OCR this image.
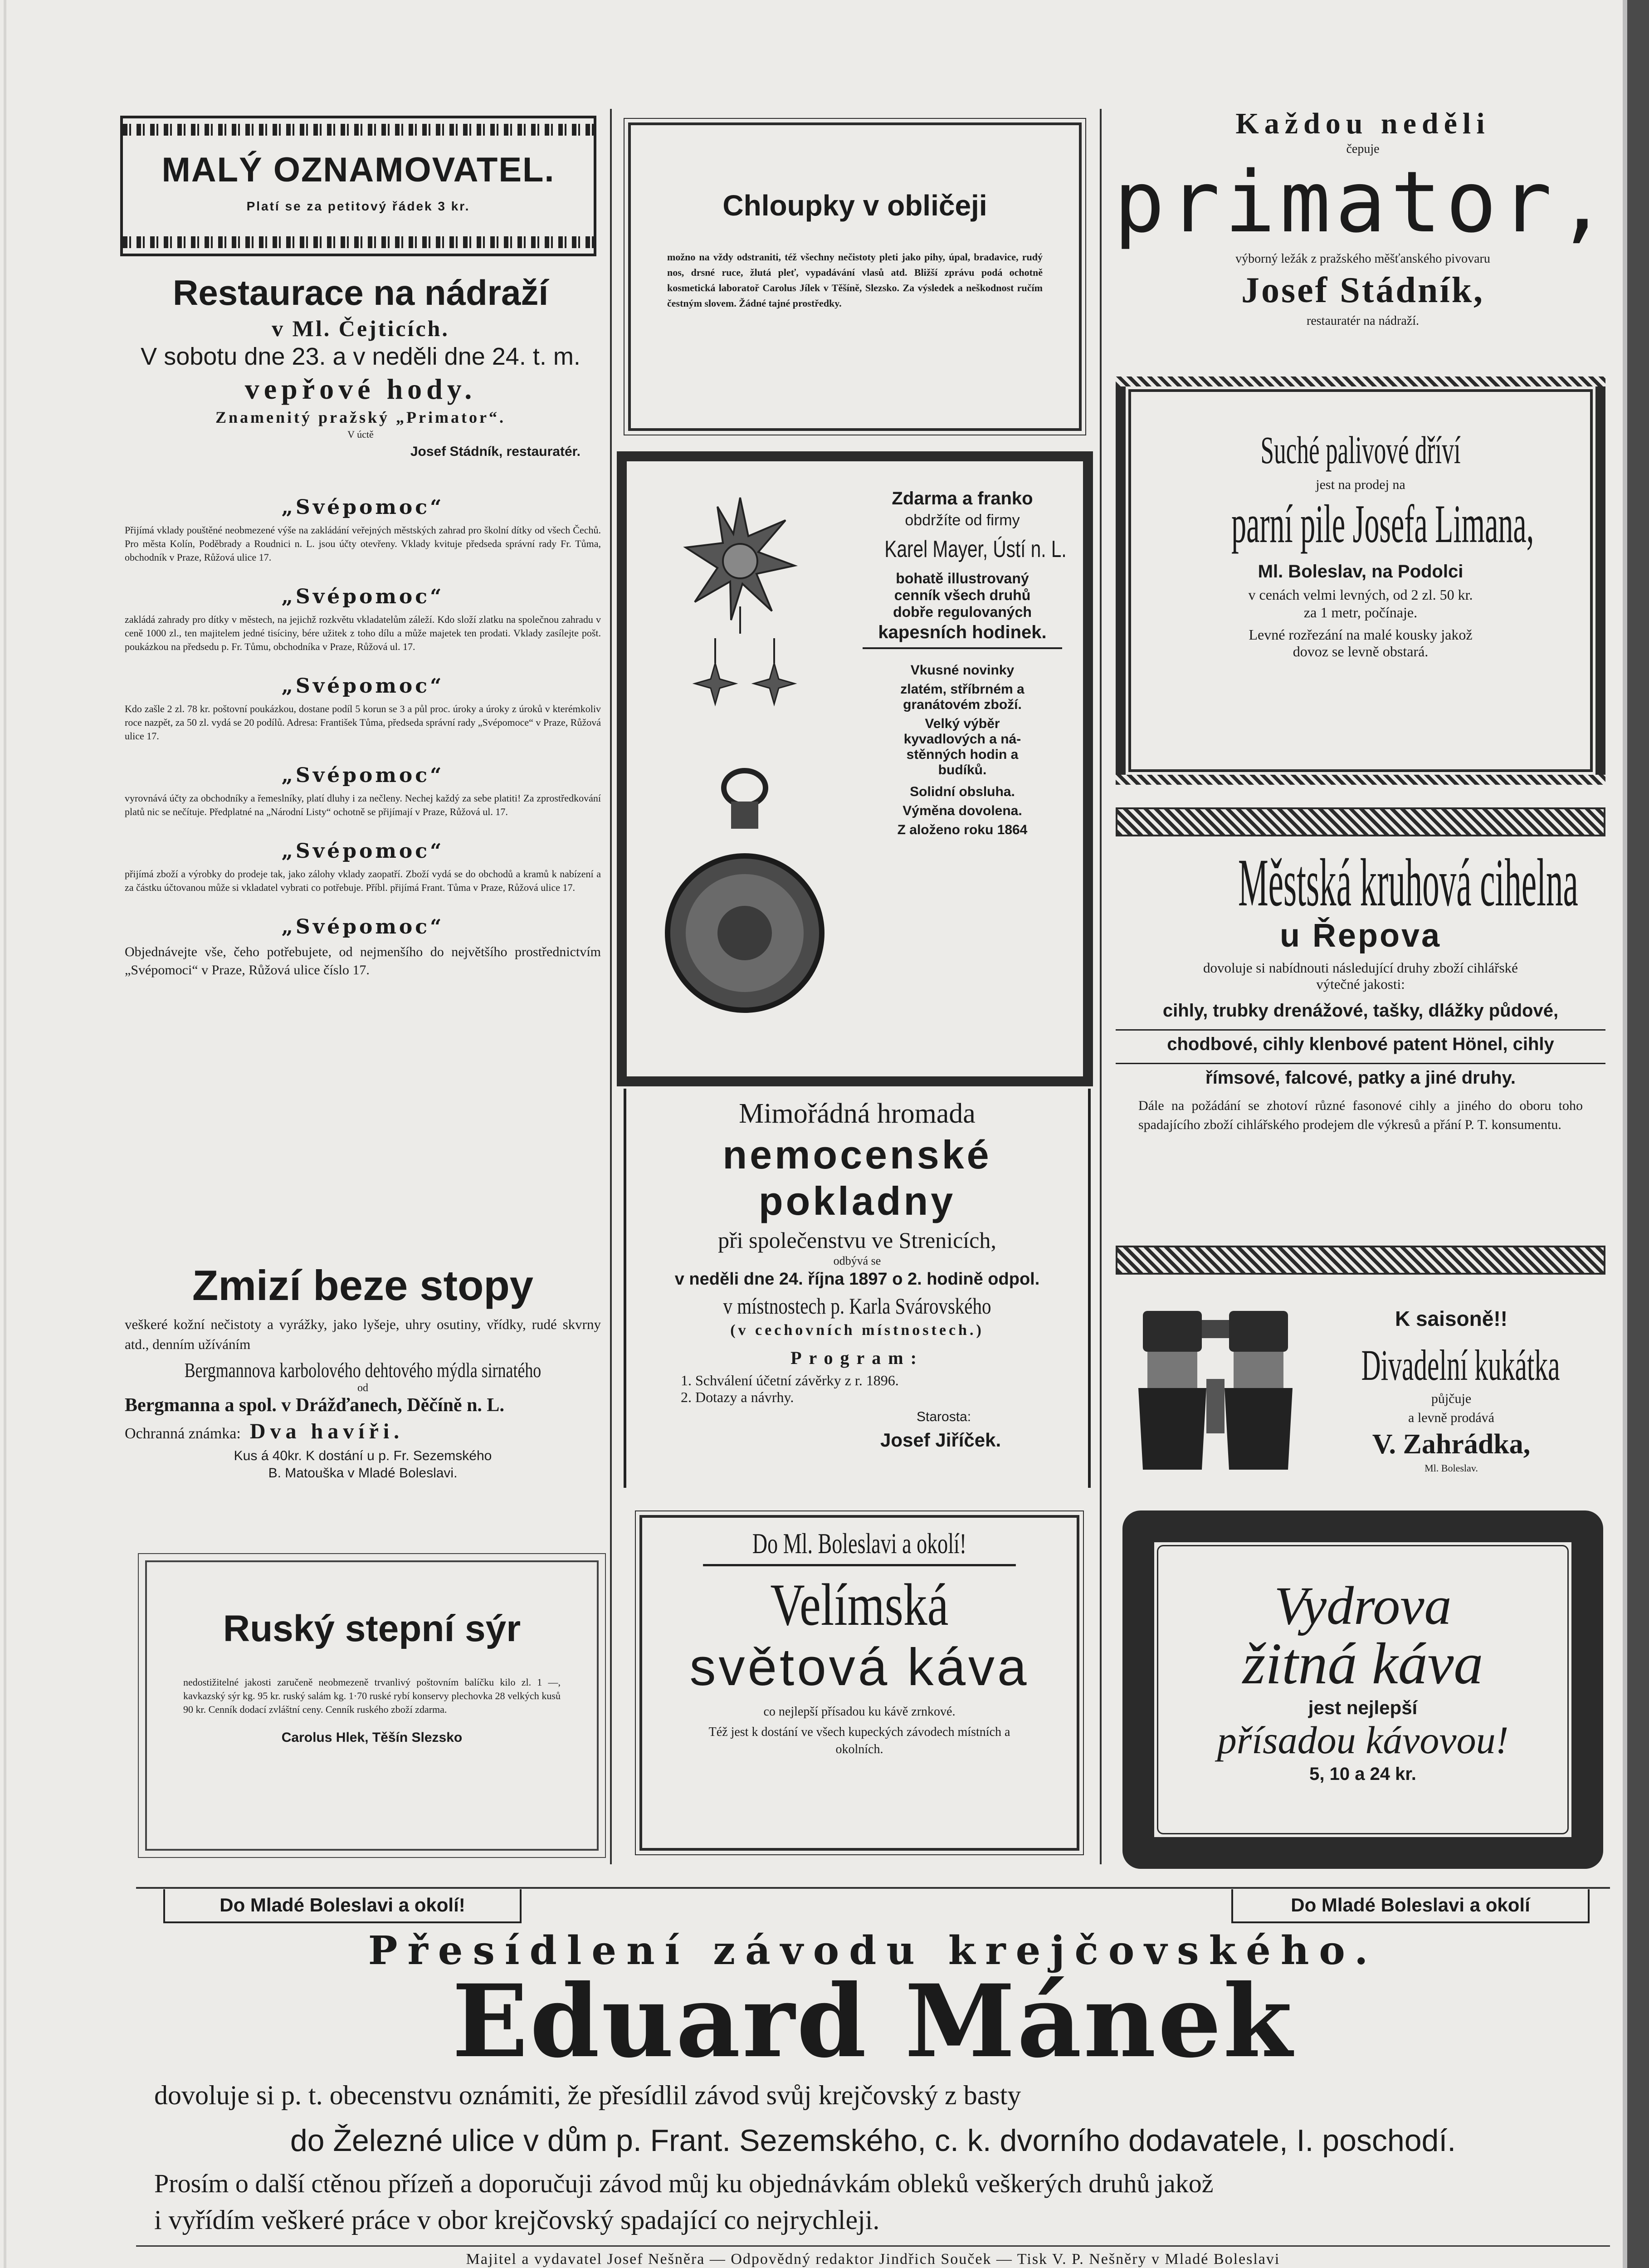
MALÝ OZNAMOVATEL.
Platí se za petitový řádek 3 kr.
Restaurace na nádraží
v Ml. Čejticích.
V sobotu dne 23. a v neděli dne 24. t. m.
vepřové hody.
Znamenitý pražský „Primator“.
V úctě
Josef Stádník, restauratér.
„Svépomoc“

Přijímá vklady pouštěné neobmezené výše na zakládání veřejných městských zahrad pro školní dítky od všech Čechů. Pro města Kolín, Poděbrady a Roudnici n. L. jsou účty otevřeny. Vklady kvituje předseda správní rady Fr. Tůma, obchodník v Praze, Růžová ulice 17.

„Svépomoc“

zakládá zahrady pro dítky v městech, na jejichž rozkvětu vkladatelům záleží. Kdo složí zlatku na společnou zahradu v ceně 1000 zl., ten majitelem jedné tisíciny, bére užitek z toho dílu a může majetek ten prodati. Vklady zasílejte pošt. poukázkou na předsedu p. Fr. Tůmu, obchodníka v Praze, Růžová ul. 17.

„Svépomoc“

Kdo zašle 2 zl. 78 kr. poštovní poukázkou, dostane podíl 5 korun se 3 a půl proc. úroky a úroky z úroků v kterémkoliv roce nazpět, za 50 zl. vydá se 20 podílů. Adresa: František Tůma, předseda správní rady „Svépomoce“ v Praze, Růžová ulice 17.

„Svépomoc“

vyrovnává účty za obchodníky a řemeslníky, platí dluhy i za nečleny. Nechej každý za sebe platiti! Za zprostředkování platů nic se nečítuje. Předplatné na „Národní Listy“ ochotně se přijímají v Praze, Růžová ul. 17.

„Svépomoc“

přijímá zboží a výrobky do prodeje tak, jako zálohy vklady zaopatří. Zboží vydá se do obchodů a kramů k nabízení a za částku účtovanou může si vkladatel vybrati co potřebuje. Příbl. přijímá Frant. Tůma v Praze, Růžová ulice 17.

„Svépomoc“

Objednávejte vše, čeho potřebujete, od nejmenšího do největšího prostřednictvím „Svépomoci“ v Praze, Růžová ulice číslo 17.

Zmizí beze stopy
veškeré kožní nečistoty a vyrážky, jako lyšeje, uhry osutiny, vřídky, rudé skvrny atd., denním užíváním
Bergmannova karbolového dehtového mýdla sirnatého
od
Bergmanna a spol. v Drážďanech, Děčíně n. L.
Ochranná známka: Dva havíři.
Kus á 40kr. K dostání u p. Fr. Sezemského
B. Matouška v Mladé Boleslavi.
Ruský stepní sýr
nedostižitelné jakosti zaručeně neobmezeně trvanlivý poštovním balíčku kilo zl. 1 —, kavkazský sýr kg. 95 kr. ruský salám kg. 1·70 ruské rybí konservy plechovka 28 velkých kusů 90 kr. Cenník dodací zvláštní ceny. Cenník ruského zboží zdarma.
Carolus Hlek, Těšín Slezsko
Chloupky v obličeji
možno na vždy odstraniti, též všechny nečistoty pleti jako pihy, úpal, bradavice, rudý nos, drsné ruce, žlutá pleť, vypadávání vlasů atd. Bližší zprávu podá ochotně kosmetická laboratoř Carolus Jílek v Těšíně, Slezsko. Za výsledek a neškodnost ručím čestným slovem. Žádné tajné prostředky.
Zdarma a franko
obdržíte od firmy
Karel Mayer, Ústí n. L.
bohatě illustrovaný
cenník všech druhů
dobře regulovaných
kapesních hodinek.
Vkusné novinky
zlatém, stříbrném a
granátovém zboží.
Velký výběr
kyvadlových a ná-
stěnných hodin a
budíků.
Solidní obsluha.
Výměna dovolena.
Z aloženo roku 1864
Mimořádná hromada
nemocenské pokladny
při společenstvu ve Strenicích,
odbývá se
v neděli dne 24. října 1897 o 2. hodině odpol.
v místnostech p. Karla Svárovského
(v cechovních místnostech.)
Program:
1. Schválení účetní závěrky z r. 1896.
2. Dotazy a návrhy.
Starosta:
Josef Jiříček.
Do Ml. Boleslavi a okolí!
Velímská
světová káva
co nejlepší přísadou ku kávě zrnkové.
Též jest k dostání ve všech kupeckých závodech místních a okolních.
Každou neděli
čepuje
primator,
výborný ležák z pražského měšťanského pivovaru
Josef Stádník,
restauratér na nádraží.
Suché palivové dříví
jest na prodej na
parní pile Josefa Limana,
Ml. Boleslav, na Podolci
v cenách velmi levných, od 2 zl. 50 kr.
za 1 metr, počínaje.
Levné rozřezání na malé kousky jakož
dovoz se levně obstará.
Městská kruhová cihelna
u Řepova
dovoluje si nabídnouti následující druhy zboží cihlářské
výtečné jakosti:
cihly, trubky drenážové, tašky, dlážky půdové,
chodbové, cihly klenbové patent Hönel, cihly
římsové, falcové, patky a jiné druhy.
Dále na požádání se zhotoví různé fasonové cihly a jiného do oboru toho spadajícího zboží cihlářského prodejem dle výkresů a přání P. T. konsumentu.
K saisoně!!
Divadelní kukátka
půjčuje
a levně prodává
V. Zahrádka,
Ml. Boleslav.
Vydrova
žitná káva
jest nejlepší
přísadou kávovou!
5, 10 a 24 kr.
Do Mladé Boleslavi a okolí!	Do Mladé Boleslavi a okolí
Přesídlení závodu krejčovského.
Eduard Mánek
dovoluje si p. t. obecenstvu oznámiti, že přesídlil závod svůj krejčovský z basty
do Železné ulice v dům p. Frant. Sezemského, c. k. dvorního dodavatele, I. poschodí.
Prosím o další ctěnou přízeň a doporučuji závod můj ku objednávkám obleků veškerých druhů jakož
i vyřídím veškeré práce v obor krejčovský spadající co nejrychleji.
Majitel a vydavatel Josef Nešněra — Odpovědný redaktor Jindřich Souček — Tisk V. P. Nešněry v Mladé Boleslavi
